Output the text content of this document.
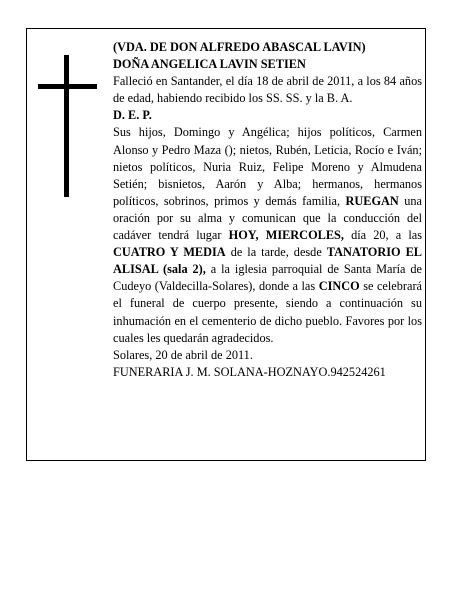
(VDA. DE DON ALFREDO ABASCAL LAVIN)

DOÑA ANGELICA LAVIN SETIEN

Falleció en Santander, el día 18 de abril de 2011, a los 84 años de edad, habiendo recibido los SS. SS. y la B. A.

D. E. P.

Sus hijos, Domingo y Angélica; hijos políticos, Carmen Alonso y Pedro Maza (); nietos, Rubén, Leticia, Rocío e Iván; nietos políticos, Nuria Ruiz, Felipe Moreno y Almudena Setién; bisnietos, Aarón y Alba; hermanos, hermanos políticos, sobrinos, primos y demás familia, RUEGAN una oración por su alma y comunican que la conducción del cadáver tendrá lugar HOY, MIERCOLES, día 20, a las CUATRO Y MEDIA de la tarde, desde TANATORIO EL ALISAL (sala 2), a la iglesia parroquial de Santa María de Cudeyo (Valdecilla-Solares), donde a las CINCO se celebrará el funeral de cuerpo presente, siendo a continuación su inhumación en el cementerio de dicho pueblo. Favores por los cuales les quedarán agradecidos.

Solares, 20 de abril de 2011.

FUNERARIA J. M. SOLANA-HOZNAYO.942524261
